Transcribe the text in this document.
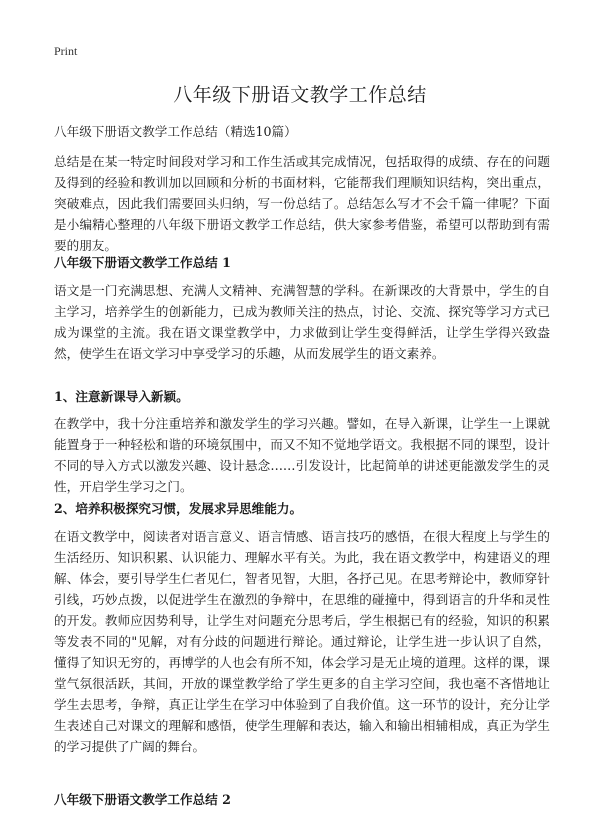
Print
八年级下册语文教学工作总结

八年级下册语文教学工作总结（精选10篇）

总结是在某一特定时间段对学习和工作生活或其完成情况，包括取得的成绩、存在的问题及得到的经验和教训加以回顾和分析的书面材料，它能帮我们理顺知识结构，突出重点，突破难点，因此我们需要回头归纳，写一份总结了。总结怎么写才不会千篇一律呢？下面是小编精心整理的八年级下册语文教学工作总结，供大家参考借鉴，希望可以帮助到有需要的朋友。

八年级下册语文教学工作总结 1

语文是一门充满思想、充满人文精神、充满智慧的学科。在新课改的大背景中，学生的自主学习，培养学生的创新能力，已成为教师关注的热点，讨论、交流、探究等学习方式已成为课堂的主流。我在语文课堂教学中，力求做到让学生变得鲜活，让学生学得兴致盎然，使学生在语文学习中享受学习的乐趣，从而发展学生的语文素养。

1、注意新课导入新颖。

在教学中，我十分注重培养和激发学生的学习兴趣。譬如，在导入新课，让学生一上课就能置身于一种轻松和谐的环境氛围中，而又不知不觉地学语文。我根据不同的课型，设计不同的导入方式以激发兴趣、设计悬念……引发设计，比起简单的讲述更能激发学生的灵性，开启学生学习之门。

2、培养积极探究习惯，发展求异思维能力。

在语文教学中，阅读者对语言意义、语言情感、语言技巧的感悟，在很大程度上与学生的生活经历、知识积累、认识能力、理解水平有关。为此，我在语文教学中，构建语义的理解、体会，要引导学生仁者见仁，智者见智，大胆，各抒己见。在思考辩论中，教师穿针引线，巧妙点拨，以促进学生在激烈的争辩中，在思维的碰撞中，得到语言的升华和灵性的开发。教师应因势利导，让学生对问题充分思考后，学生根据已有的经验，知识的积累等发表不同的"见解，对有分歧的问题进行辩论。通过辩论，让学生进一步认识了自然，懂得了知识无穷的，再博学的人也会有所不知，体会学习是无止境的道理。这样的课，课堂气氛很活跃，其间，开放的课堂教学给了学生更多的自主学习空间，我也毫不吝惜地让学生去思考，争辩，真正让学生在学习中体验到了自我价值。这一环节的设计，充分让学生表述自己对课文的理解和感悟，使学生理解和表达，输入和输出相辅相成，真正为学生的学习提供了广阔的舞台。

八年级下册语文教学工作总结 2
